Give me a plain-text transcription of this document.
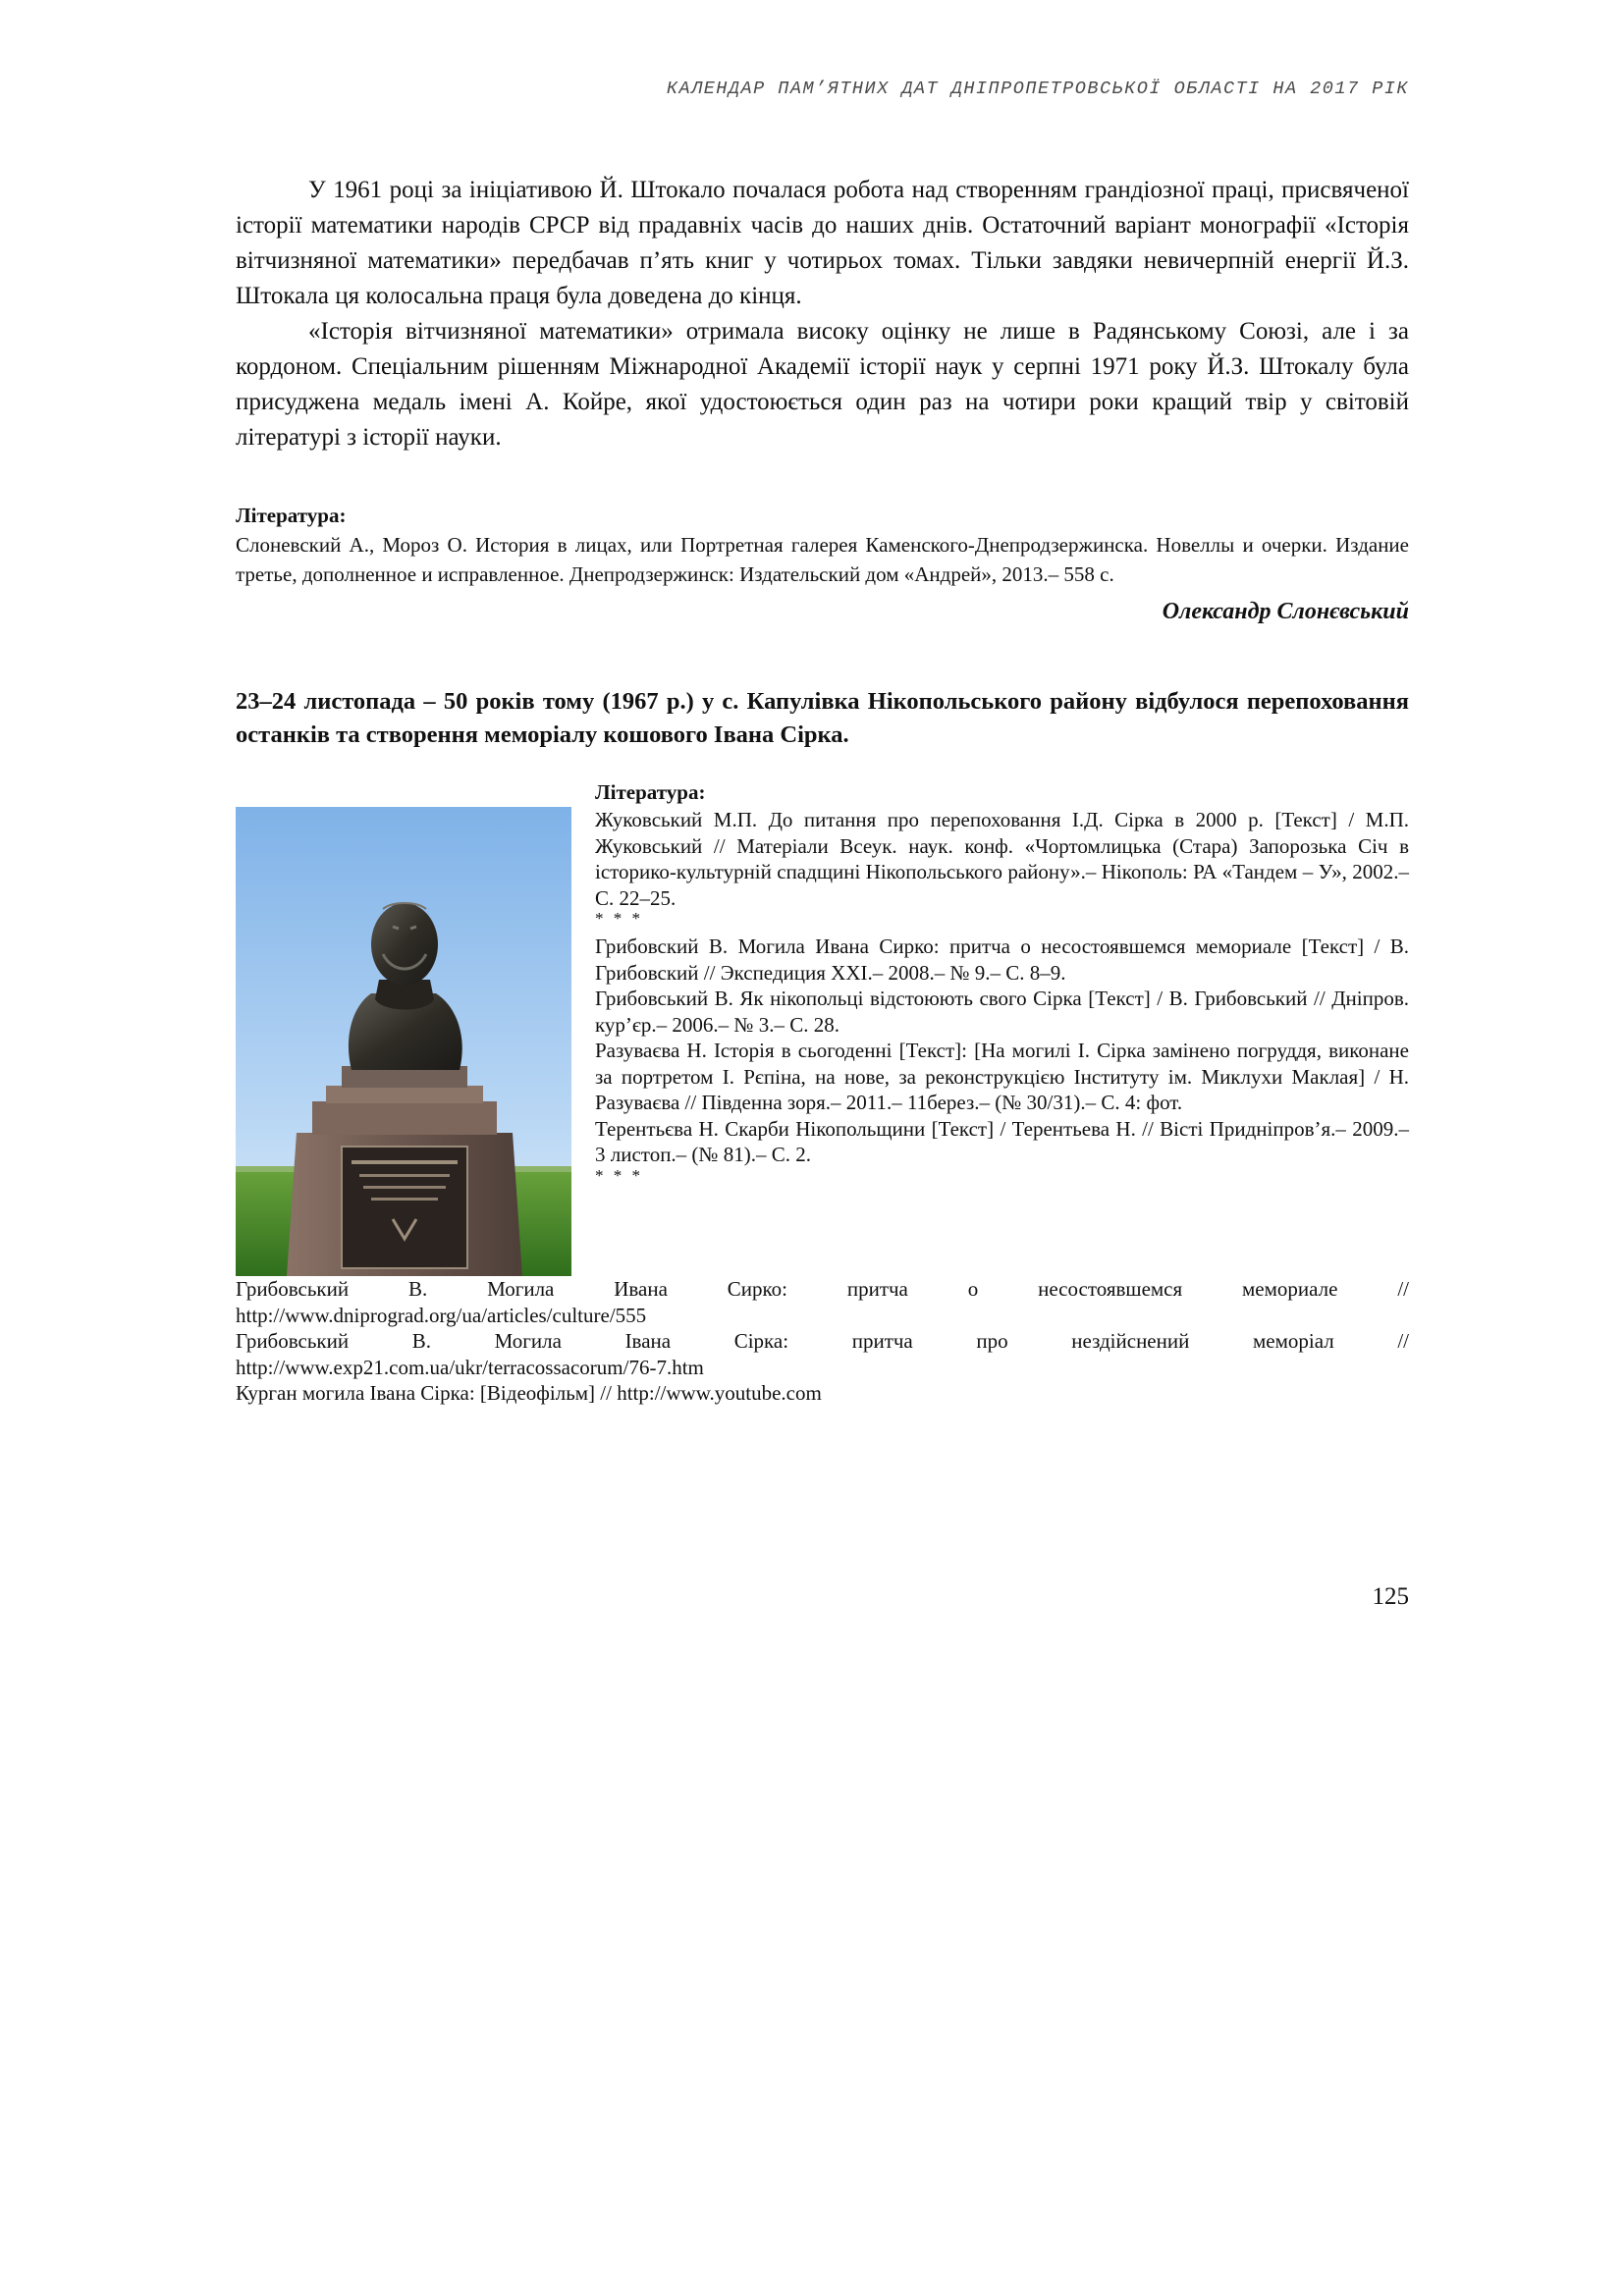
КАЛЕНДАР ПАМ’ЯТНИХ ДАТ ДНІПРОПЕТРОВСЬКОЇ ОБЛАСТІ НА 2017 РІК

У 1961 році за ініціативою Й. Штокало почалася робота над створенням грандіозної праці, присвяченої історії математики народів СРСР від прадавніх часів до наших днів. Остаточний варіант монографії «Історія вітчизняної математики» передбачав п’ять книг у чотирьох томах. Тільки завдяки невичерпній енергії Й.З. Штокала ця колосальна праця була доведена до кінця.

«Історія вітчизняної математики» отримала високу оцінку не лише в Радянському Союзі, але і за кордоном. Спеціальним рішенням Міжнародної Академії історії наук у серпні 1971 року Й.З. Штокалу була присуджена медаль імені А. Койре, якої удостоюється один раз на чотири роки кращий твір у світовій літературі з історії науки.

Література:

Слоневский А., Мороз О. История в лицах, или Портретная галерея Каменского-Днепродзержинска. Новеллы и очерки. Издание третье, дополненное и исправленное. Днепродзержинск: Издательский дом «Андрей», 2013.– 558 с.

Олександр Слонєвський

23–24 листопада – 50 років тому (1967 р.) у с. Капулівка Нікопольського району відбулося перепоховання останків та створення меморіалу кошового Івана Сірка.

Література:

Жуковський М.П. До питання про перепоховання І.Д. Сірка в 2000 р. [Текст] / М.П. Жуковський // Матеріали Всеук. наук. конф. «Чортомлицька (Стара) Запорозька Січ в історико-культурній спадщині Нікопольського району».– Нікополь: РА «Тандем – У», 2002.– С. 22–25.

* * *

Грибовский В. Могила Ивана Сирко: притча о несостоявшемся мемориале [Текст] / В. Грибовский // Экспедиция XXI.– 2008.– № 9.– С. 8–9.

Грибовський В. Як нікопольці відстоюють свого Сірка [Текст] / В. Грибовський // Дніпров. кур’єр.– 2006.– № 3.– С. 28.

Разуваєва Н. Історія в сьогоденні [Текст]: [На могилі І. Сірка замінено погруддя, виконане за портретом І. Рєпіна, на нове, за реконструкцією Інституту ім. Миклухи Маклая] / Н. Разуваєва // Південна зоря.– 2011.– 11берез.– (№ 30/31).– С. 4: фот.

Терентьєва Н. Скарби Нікопольщини [Текст] / Терентьева Н. // Вісті Придніпров’я.– 2009.– 3 листоп.– (№ 81).– С. 2.

* * *

Грибовський В. Могила Ивана Сирко: притча о несостоявшемся мемориале //

http://www.dniprograd.org/ua/articles/culture/555

Грибовський В. Могила Івана Сірка: притча про нездійснений меморіал //

http://www.exp21.com.ua/ukr/terracossacorum/76-7.htm

Курган могила Івана Сірка: [Відеофільм] // http://www.youtube.com

125
